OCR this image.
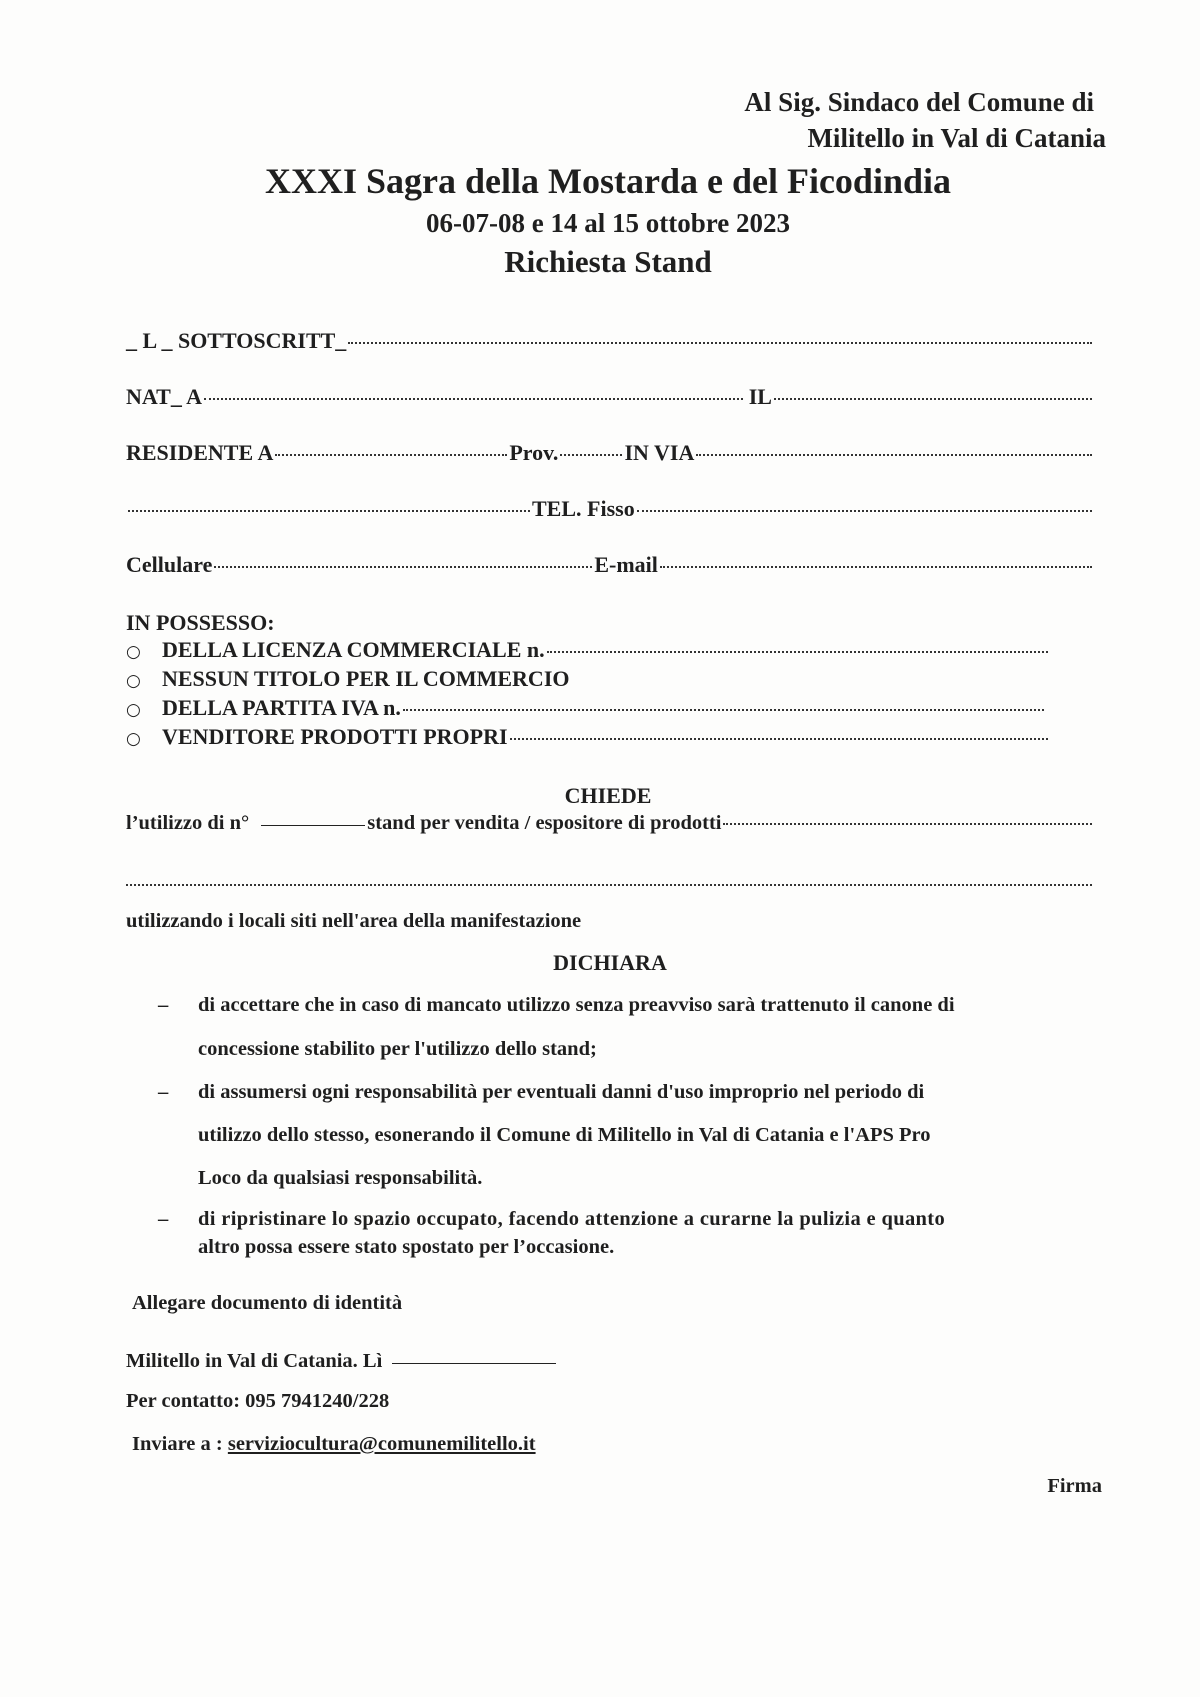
Al Sig. Sindaco del Comune di
Militello in Val di Catania
XXXI Sagra della Mostarda e del Ficodindia
06-07-08 e 14 al 15 ottobre 2023
Richiesta Stand
_ L _ SOTTOSCRITT_
NAT_ A	IL
RESIDENTE A	Prov.	IN VIA
TEL. Fisso
Cellulare	E-mail
IN POSSESSO:
○ DELLA LICENZA COMMERCIALE n.
○ NESSUN TITOLO PER IL COMMERCIO
○ DELLA PARTITA IVA n.
○ VENDITORE PRODOTTI PROPRI
CHIEDE
l’utilizzo di n°	stand per vendita / espositore di prodotti
utilizzando i locali siti nell'area della manifestazione
DICHIARA
– di accettare che in caso di mancato utilizzo senza preavviso sarà trattenuto il canone di
concessione stabilito per l'utilizzo dello stand;
– di assumersi ogni responsabilità per eventuali danni d'uso improprio nel periodo di
utilizzo dello stesso, esonerando il Comune di Militello in Val di Catania e l'APS Pro
Loco da qualsiasi responsabilità.
– di ripristinare lo spazio occupato, facendo attenzione a curarne la pulizia e quanto
altro possa essere stato spostato per l’occasione.
Allegare documento di identità
Militello in Val di Catania. Lì
Per contatto: 095 7941240/228
Inviare a : serviziocultura@comunemilitello.it
Firma
